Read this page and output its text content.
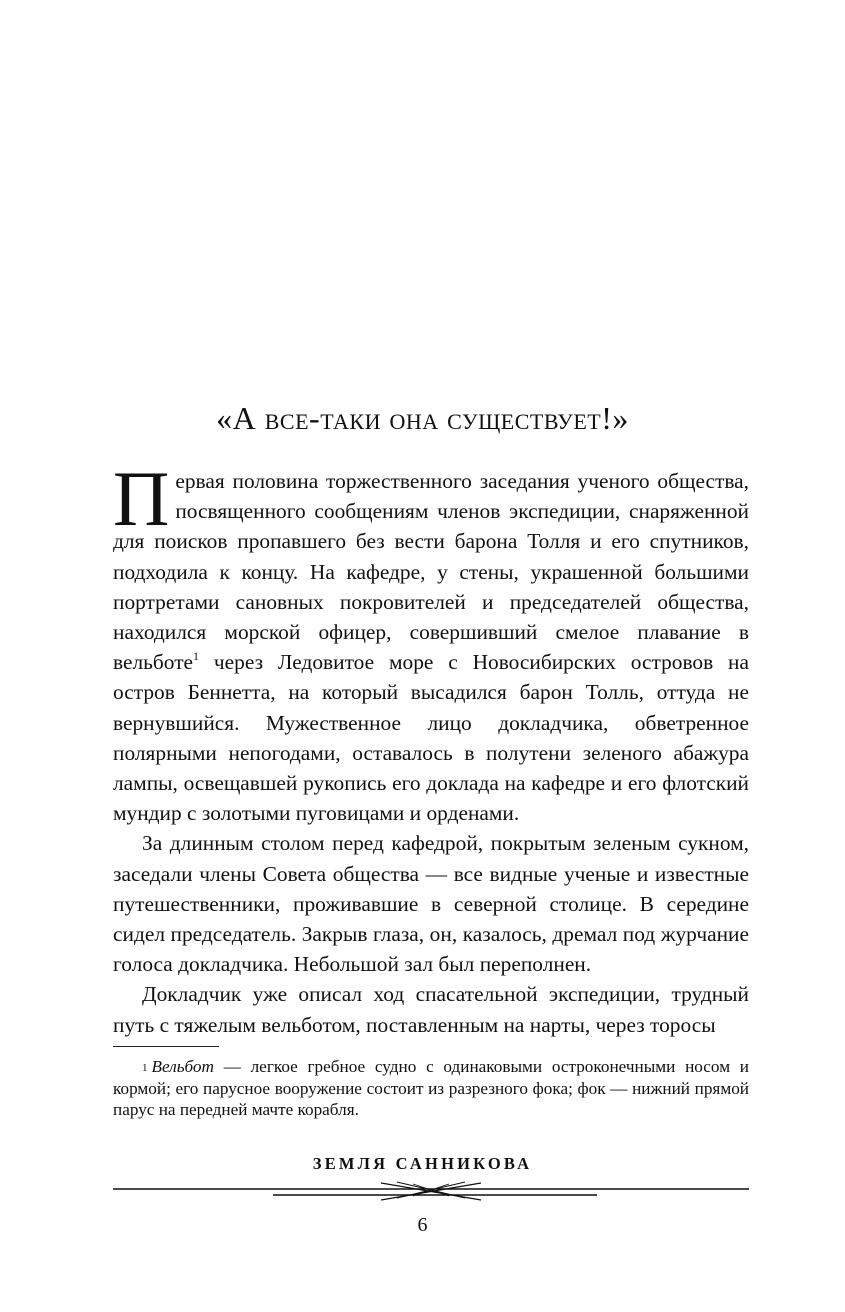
«А все-таки она существует!»

Первая половина торжественного заседания ученого общества, посвященного сообщениям членов экспедиции, снаряженной для поисков пропавшего без вести барона Толля и его спутников, подходила к концу. На кафедре, у стены, украшенной большими портретами сановных покровителей и председателей общества, находился морской офицер, совершивший смелое плавание в вельботе$^1$ через Ледовитое море с Новосибирских островов на остров Беннетта, на который высадился барон Толль, оттуда не вернувшийся. Мужественное лицо докладчика, обветренное полярными непогодами, оставалось в полутени зеленого абажура лампы, освещавшей рукопись его доклада на кафедре и его флотский мундир с золотыми пуговицами и орденами.

За длинным столом перед кафедрой, покрытым зеленым сукном, заседали члены Совета общества — все видные ученые и известные путешественники, проживавшие в северной столице. В середине сидел председатель. Закрыв глаза, он, казалось, дремал под журчание голоса докладчика. Небольшой зал был переполнен.

Докладчик уже описал ход спасательной экспедиции, трудный путь с тяжелым вельботом, поставленным на нарты, через торосы

$^1$ Вельбот — легкое гребное судно с одинаковыми остроконечными носом и кормой; его парусное вооружение состоит из разрезного фока; фок — нижний прямой парус на передней мачте корабля.

ЗЕМЛЯ САННИКОВА
6
